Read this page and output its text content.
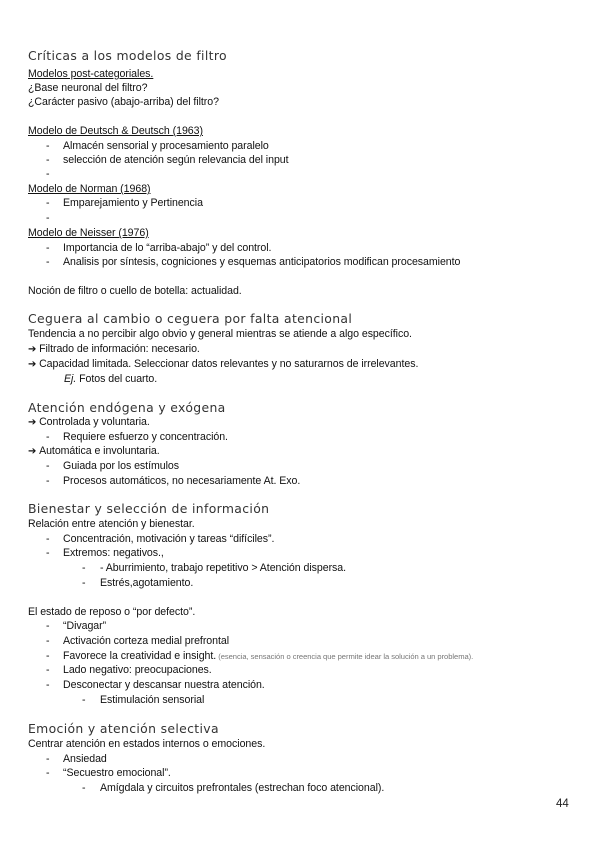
Críticas a los modelos de filtro
Modelos post-categoriales.
¿Base neuronal del filtro?
¿Carácter pasivo (abajo-arriba) del filtro?
Modelo de Deutsch & Deutsch (1963)
- Almacén sensorial y procesamiento paralelo
- selección de atención según relevancia del input
-
Modelo de Norman (1968)
- Emparejamiento y Pertinencia
-
Modelo de Neisser (1976)
- Importancia de lo “arriba-abajo” y del control.
- Analisis por síntesis, cogniciones y esquemas anticipatorios modifican procesamiento
Noción de filtro o cuello de botella: actualidad.
Ceguera al cambio o ceguera por falta atencional
Tendencia a no percibir algo obvio y general mientras se atiende a algo específico.
➔ Filtrado de información: necesario.
➔ Capacidad limitada. Seleccionar datos relevantes y no saturarnos de irrelevantes.
Ej. Fotos del cuarto.
Atención endógena y exógena
➔ Controlada y voluntaria.
- Requiere esfuerzo y concentración.
➔ Automática e involuntaria.
- Guiada por los estímulos
- Procesos automáticos, no necesariamente At. Exo.
Bienestar y selección de información
Relación entre atención y bienestar.
- Concentración, motivación y tareas “difíciles”.
- Extremos: negativos.,
- - Aburrimiento, trabajo repetitivo > Atención dispersa.
- Estrés,agotamiento.
El estado de reposo o “por defecto”.
- “Divagar”
- Activación corteza medial prefrontal
- Favorece la creatividad e insight. (esencia, sensación o creencia que permite idear la solución a un problema).
- Lado negativo: preocupaciones.
- Desconectar y descansar nuestra atención.
- Estimulación sensorial
Emoción y atención selectiva
Centrar atención en estados internos o emociones.
- Ansiedad
- “Secuestro emocional”.
- Amígdala y circuitos prefrontales (estrechan foco atencional).
44
